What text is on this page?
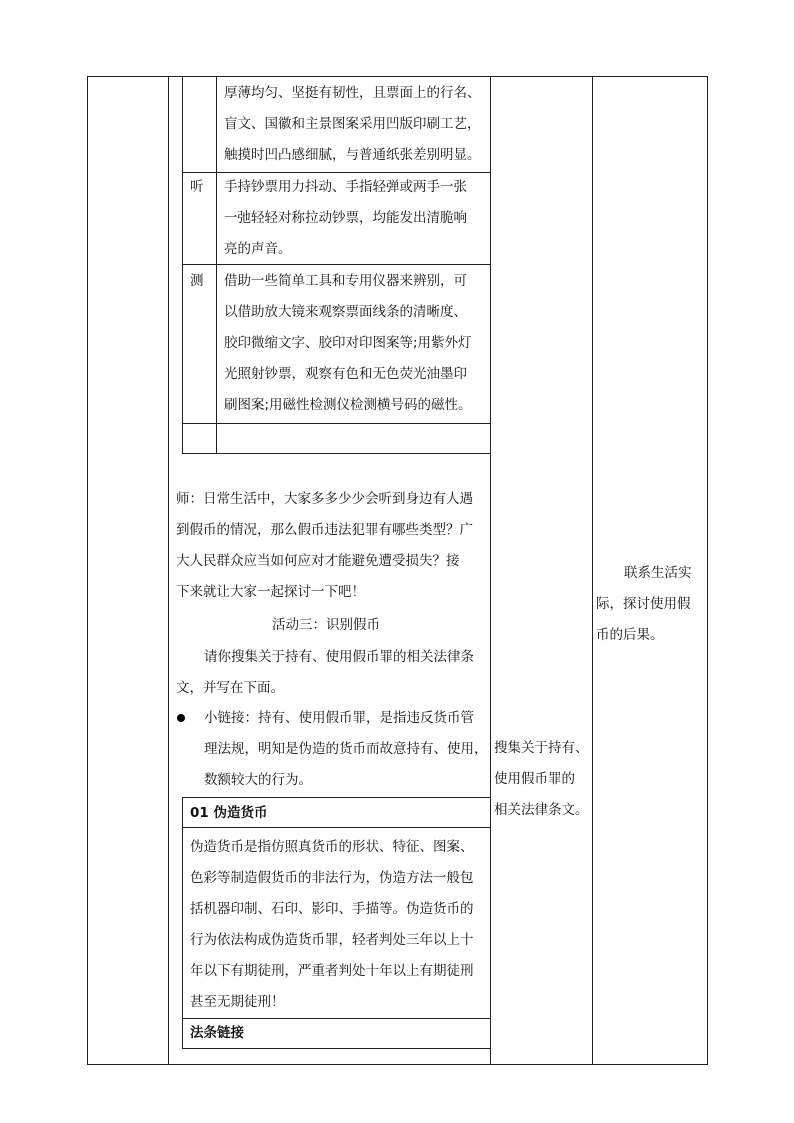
厚薄均匀、坚挺有韧性，且票面上的行名、
盲文、国徽和主景图案采用凹版印刷工艺，
触摸时凹凸感细腻，与普通纸张差别明显。
听 手持钞票用力抖动、手指轻弹或两手一张
一弛轻轻对称拉动钞票，均能发出清脆响
亮的声音。
测 借助一些简单工具和专用仪器来辨别，可
以借助放大镜来观察票面线条的清晰度、
胶印微缩文字、胶印对印图案等;用紫外灯
光照射钞票，观察有色和无色荧光油墨印
刷图案;用磁性检测仪检测横号码的磁性。
师：日常生活中，大家多多少少会听到身边有人遇
到假币的情况，那么假币违法犯罪有哪些类型？广
大人民群众应当如何应对才能避免遭受损失？接
下来就让大家一起探讨一下吧！
活动三：识别假币
请你搜集关于持有、使用假币罪的相关法律条
文，并写在下面。
小链接：持有、使用假币罪，是指违反货币管
理法规，明知是伪造的货币而故意持有、使用，
数额较大的行为。
01 伪造货币
伪造货币是指仿照真货币的形状、特征、图案、
色彩等制造假货币的非法行为，伪造方法一般包
括机器印制、石印、影印、手描等。伪造货币的
行为依法构成伪造货币罪，轻者判处三年以上十
年以下有期徒刑，严重者判处十年以上有期徒刑
甚至无期徒刑！
法条链接
搜集关于持有、
使用假币罪的
相关法律条文。
联系生活实
际，探讨使用假
币的后果。
